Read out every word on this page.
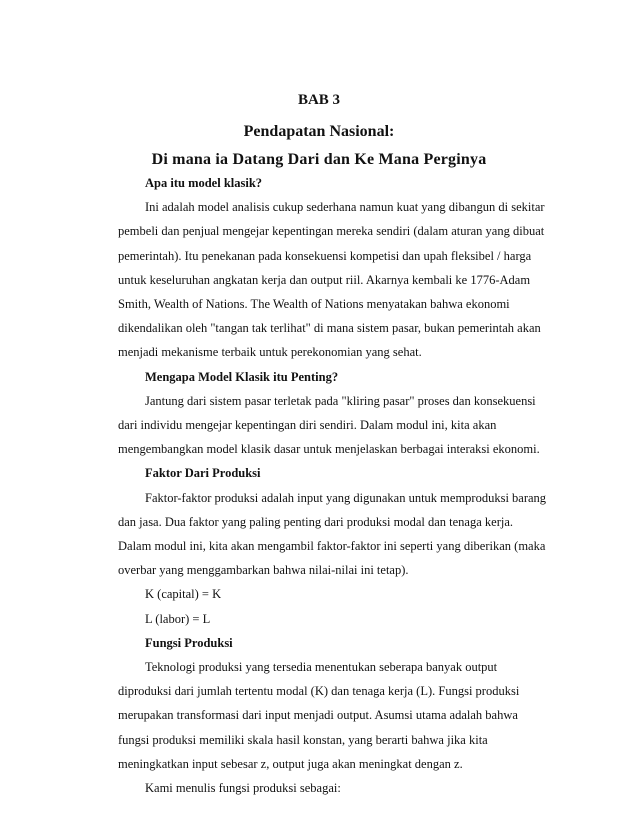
BAB 3
Pendapatan Nasional:
Di mana ia Datang Dari dan Ke Mana Perginya

Apa itu model klasik?

Ini adalah model analisis cukup sederhana namun kuat yang dibangun di sekitar pembeli dan penjual mengejar kepentingan mereka sendiri (dalam aturan yang dibuat pemerintah). Itu penekanan pada konsekuensi kompetisi dan upah fleksibel / harga untuk keseluruhan angkatan kerja dan output riil. Akarnya kembali ke 1776-Adam Smith, Wealth of Nations. The Wealth of Nations menyatakan bahwa ekonomi dikendalikan oleh "tangan tak terlihat" di mana sistem pasar, bukan pemerintah akan menjadi mekanisme terbaik untuk perekonomian yang sehat.

Mengapa Model Klasik itu Penting?

Jantung dari sistem pasar terletak pada "kliring pasar" proses dan konsekuensi dari individu mengejar kepentingan diri sendiri. Dalam modul ini, kita akan mengembangkan model klasik dasar untuk menjelaskan berbagai interaksi ekonomi.

Faktor Dari Produksi

Faktor-faktor produksi adalah input yang digunakan untuk memproduksi barang dan jasa. Dua faktor yang paling penting dari produksi modal dan tenaga kerja. Dalam modul ini, kita akan mengambil faktor-faktor ini seperti yang diberikan (maka overbar yang menggambarkan bahwa nilai-nilai ini tetap).

K (capital) = K

L (labor) = L

Fungsi Produksi

Teknologi produksi yang tersedia menentukan seberapa banyak output diproduksi dari jumlah tertentu modal (K) dan tenaga kerja (L). Fungsi produksi merupakan transformasi dari input menjadi output. Asumsi utama adalah bahwa fungsi produksi memiliki skala hasil konstan, yang berarti bahwa jika kita meningkatkan input sebesar z, output juga akan meningkat dengan z.

Kami menulis fungsi produksi sebagai:
